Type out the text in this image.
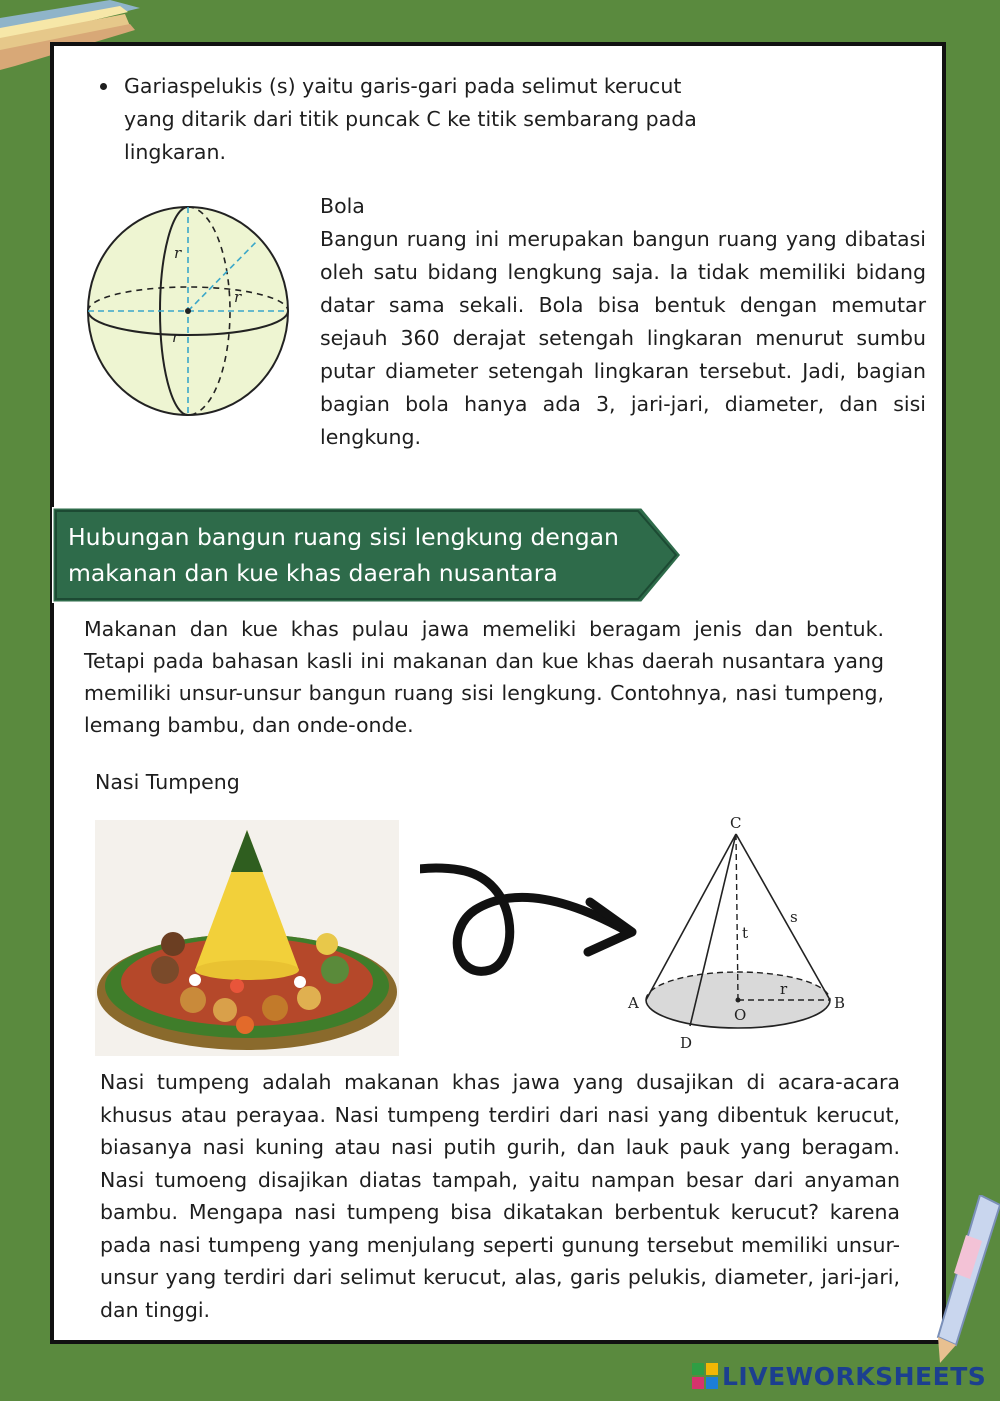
Gariaspelukis (s) yaitu garis-gari pada selimut kerucut yang ditarik dari titik puncak C ke titik sembarang pada lingkaran.

r
r
r
Bola
Bangun ruang ini merupakan bangun ruang yang dibatasi oleh satu bidang lengkung saja. Ia tidak memiliki bidang datar sama sekali. Bola bisa bentuk dengan memutar sejauh 360 derajat setengah lingkaran menurut sumbu putar diameter setengah lingkaran tersebut. Jadi, bagian bagian bola hanya ada 3, jari-jari, diameter, dan sisi lengkung.
Hubungan bangun ruang sisi lengkung dengan
makanan dan kue khas daerah nusantara
Makanan dan kue khas pulau jawa memeliki beragam jenis dan bentuk. Tetapi pada bahasan kasli ini makanan dan kue khas daerah nusantara yang memiliki unsur-unsur bangun ruang sisi lengkung. Contohnya, nasi tumpeng, lemang bambu, dan onde-onde.
Nasi Tumpeng
C
t
s
r
A	B
O
D
Nasi tumpeng adalah makanan khas jawa yang dusajikan di acara-acara khusus atau perayaa. Nasi tumpeng terdiri dari nasi yang dibentuk kerucut, biasanya nasi kuning atau nasi putih gurih, dan lauk pauk yang beragam. Nasi tumoeng disajikan diatas tampah, yaitu nampan besar dari anyaman bambu. Mengapa nasi tumpeng bisa dikatakan berbentuk kerucut? karena pada nasi tumpeng yang menjulang seperti gunung tersebut memiliki unsur-unsur yang terdiri dari selimut kerucut, alas, garis pelukis, diameter, jari-jari, dan tinggi.
LIVEWORKSHEETS
